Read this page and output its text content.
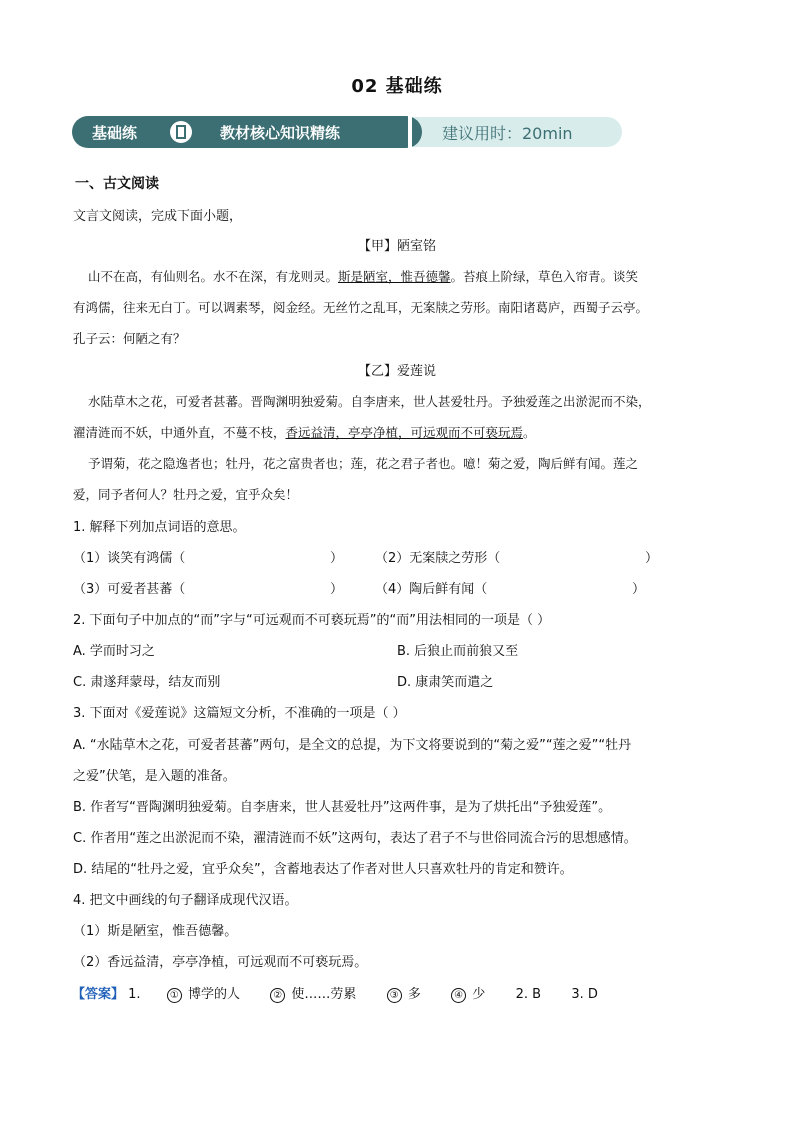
02 基础练
基础练	教材核心知识精练	建议用时：20min
一、古文阅读
文言文阅读，完成下面小题，
【甲】陋室铭
山不在高，有仙则名。水不在深，有龙则灵。斯是陋室，惟吾德馨。苔痕上阶绿，草色入帘青。谈笑
有鸿儒，往来无白丁。可以调素琴，阅金经。无丝竹之乱耳，无案牍之劳形。南阳诸葛庐，西蜀子云亭。
孔子云：何陋之有？
【乙】爱莲说
水陆草木之花，可爱者甚蕃。晋陶渊明独爱菊。自李唐来，世人甚爱牡丹。予独爱莲之出淤泥而不染，
濯清涟而不妖，中通外直，不蔓不枝，香远益清，亭亭净植，可远观而不可亵玩焉。
予谓菊，花之隐逸者也；牡丹，花之富贵者也；莲，花之君子者也。噫！菊之爱，陶后鲜有闻。莲之
爱，同予者何人？牡丹之爱，宜乎众矣！
1. 解释下列加点词语的意思。
（1）谈笑有鸿儒（	） （2）无案牍之劳形（	）
（3）可爱者甚蕃（	） （4）陶后鲜有闻（	）
2. 下面句子中加点的“而”字与“可远观而不可亵玩焉”的“而”用法相同的一项是（ ）
A. 学而时习之	B. 后狼止而前狼又至
C. 肃遂拜蒙母，结友而别	D. 康肃笑而遣之
3. 下面对《爱莲说》这篇短文分析，不准确的一项是（ ）
A. “水陆草木之花，可爱者甚蕃”两句，是全文的总提，为下文将要说到的“菊之爱”“莲之爱”“牡丹
之爱”伏笔，是入题的准备。
B. 作者写“晋陶渊明独爱菊。自李唐来，世人甚爱牡丹”这两件事，是为了烘托出“予独爱莲”。
C. 作者用“莲之出淤泥而不染，濯清涟而不妖”这两句，表达了君子不与世俗同流合污的思想感情。
D. 结尾的“牡丹之爱，宜乎众矣”，含蓄地表达了作者对世人只喜欢牡丹的肯定和赞许。
4. 把文中画线的句子翻译成现代汉语。
（1）斯是陋室，惟吾德馨。
（2）香远益清，亭亭净植，可远观而不可亵玩焉。
【答案】 1.	① 博学的人	② 使……劳累	③ 多	④ 少 2. B 3. D
